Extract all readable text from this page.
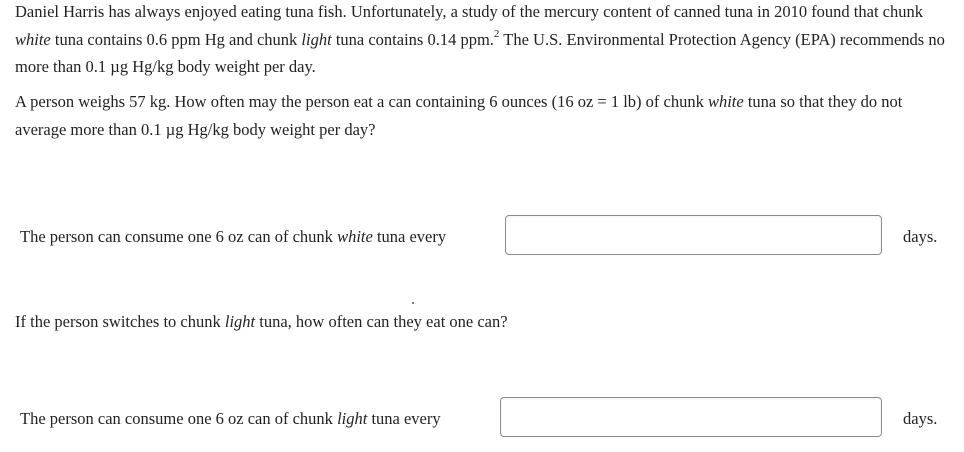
Daniel Harris has always enjoyed eating tuna fish. Unfortunately, a study of the mercury content of canned tuna in 2010 found that chunk white tuna contains 0.6 ppm Hg and chunk light tuna contains 0.14 ppm.$^2$ The U.S. Environmental Protection Agency (EPA) recommends no more than 0.1 µg Hg/kg body weight per day.

A person weighs 57 kg. How often may the person eat a can containing 6 ounces (16 oz = 1 lb) of chunk white tuna so that they do not average more than 0.1 µg Hg/kg body weight per day?

The person can consume one 6 oz can of chunk white tuna every	days.

If the person switches to chunk light tuna, how often can they eat one can?

The person can consume one 6 oz can of chunk light tuna every	days.
